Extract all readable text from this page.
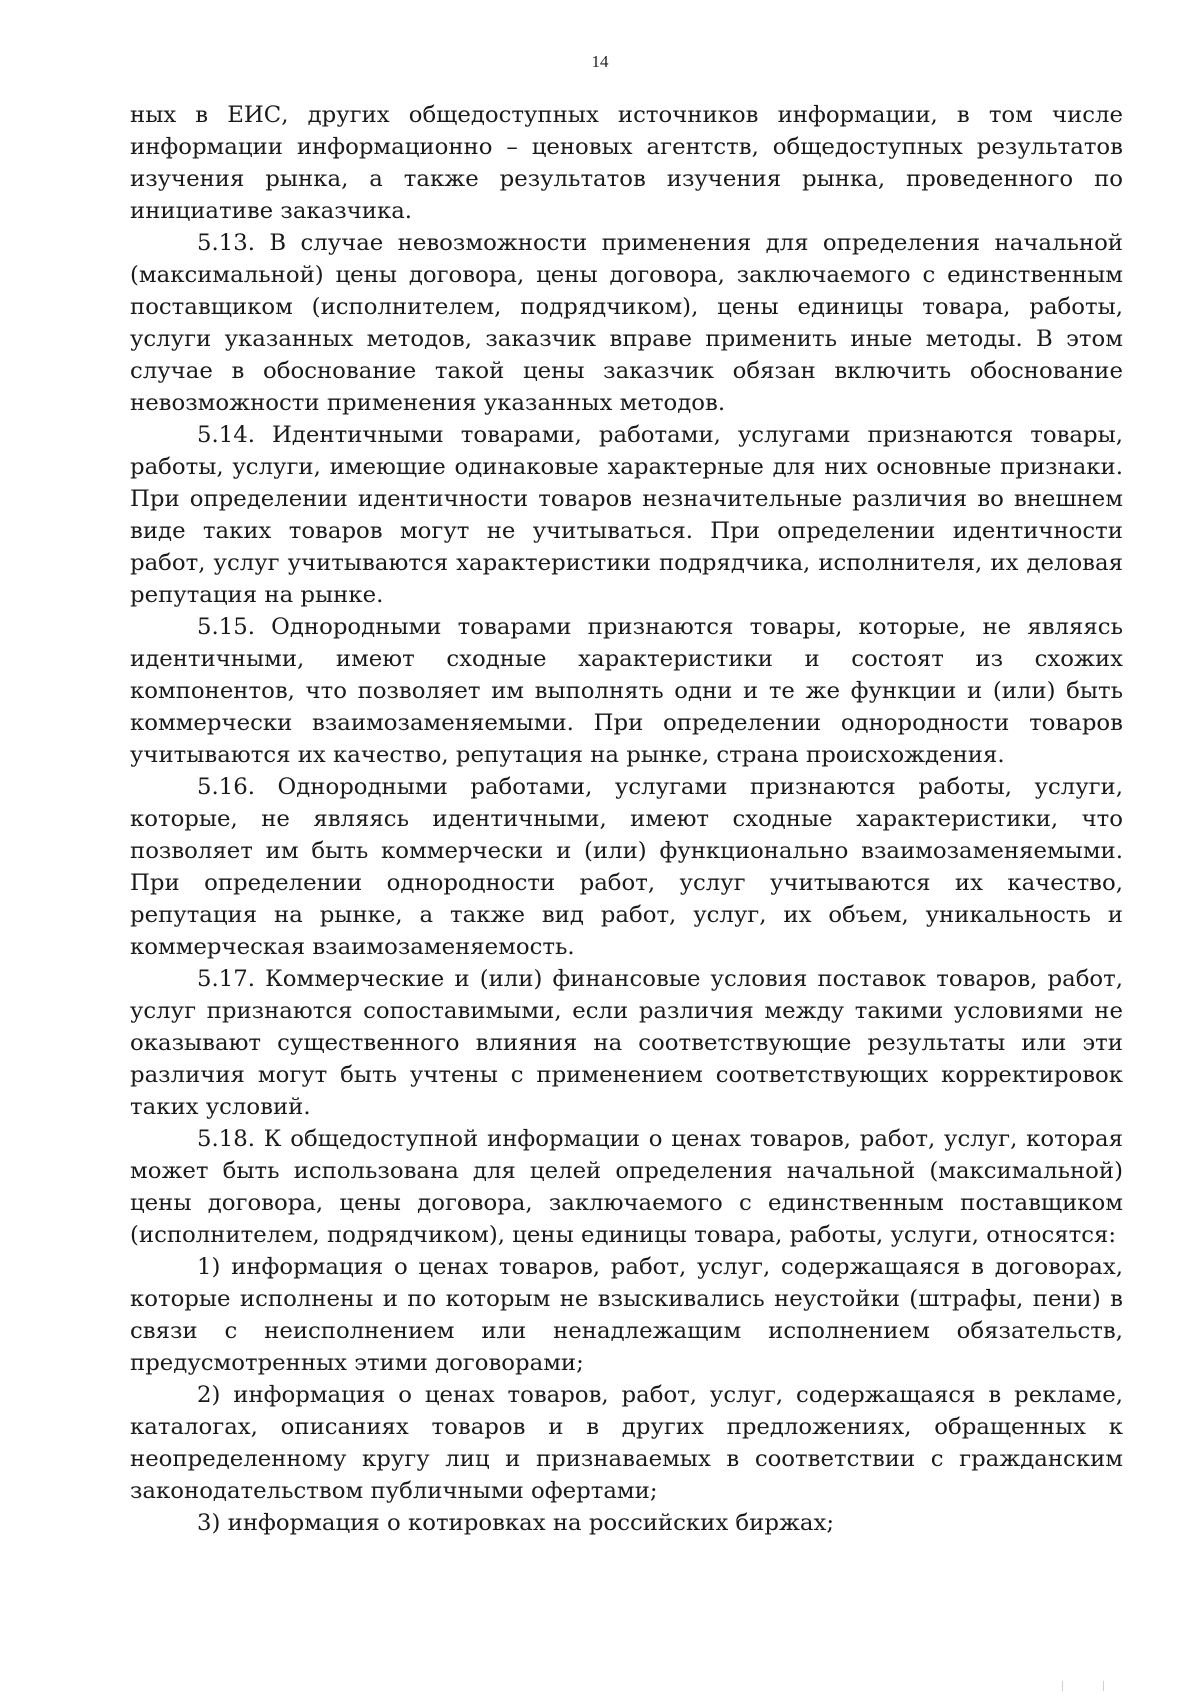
14

ных в ЕИС, других общедоступных источников информации, в том числе информации информационно – ценовых агентств, общедоступных результатов изучения рынка, а также результатов изучения рынка, проведенного по инициативе заказчика.

5.13. В случае невозможности применения для определения начальной (максимальной) цены договора, цены договора, заключаемого с единственным поставщиком (исполнителем, подрядчиком), цены единицы товара, работы, услуги указанных методов, заказчик вправе применить иные методы. В этом случае в обоснование такой цены заказчик обязан включить обоснование невозможности применения указанных методов.

5.14. Идентичными товарами, работами, услугами признаются товары, работы, услуги, имеющие одинаковые характерные для них основные признаки. При определении идентичности товаров незначительные различия во внешнем виде таких товаров могут не учитываться. При определении идентичности работ, услуг учитываются характеристики подрядчика, исполнителя, их деловая репутация на рынке.

5.15. Однородными товарами признаются товары, которые, не являясь идентичными, имеют сходные характеристики и состоят из схожих компонентов, что позволяет им выполнять одни и те же функции и (или) быть коммерчески взаимозаменяемыми. При определении однородности товаров учитываются их качество, репутация на рынке, страна происхождения.

5.16. Однородными работами, услугами признаются работы, услуги, которые, не являясь идентичными, имеют сходные характеристики, что позволяет им быть коммерчески и (или) функционально взаимозаменяемыми. При определении однородности работ, услуг учитываются их качество, репутация на рынке, а также вид работ, услуг, их объем, уникальность и коммерческая взаимозаменяемость.

5.17. Коммерческие и (или) финансовые условия поставок товаров, работ, услуг признаются сопоставимыми, если различия между такими условиями не оказывают существенного влияния на соответствующие результаты или эти различия могут быть учтены с применением соответствующих корректировок таких условий.

5.18. К общедоступной информации о ценах товаров, работ, услуг, которая может быть использована для целей определения начальной (максимальной) цены договора, цены договора, заключаемого с единственным поставщиком (исполнителем, подрядчиком), цены единицы товара, работы, услуги, относятся:

1) информация о ценах товаров, работ, услуг, содержащаяся в договорах, которые исполнены и по которым не взыскивались неустойки (штрафы, пени) в связи с неисполнением или ненадлежащим исполнением обязательств, предусмотренных этими договорами;

2) информация о ценах товаров, работ, услуг, содержащаяся в рекламе, каталогах, описаниях товаров и в других предложениях, обращенных к неопределенному кругу лиц и признаваемых в соответствии с гражданским законодательством публичными офертами;

3) информация о котировках на российских биржах;
